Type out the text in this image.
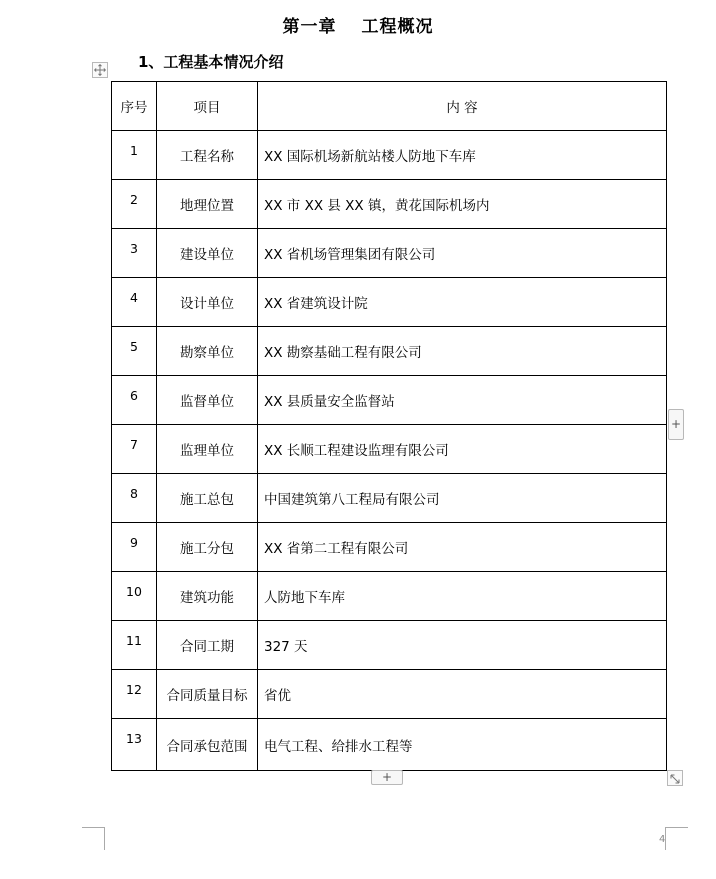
第一章　 工程概况
1、工程基本情况介绍
序号	项目	内 容
1	工程名称	XX 国际机场新航站楼人防地下车库
2	地理位置	XX 市 XX 县 XX 镇，黄花国际机场内
3	建设单位	XX 省机场管理集团有限公司
4	设计单位	XX 省建筑设计院
5	勘察单位	XX 勘察基础工程有限公司
6	监督单位	XX 县质量安全监督站
7	监理单位	XX 长顺工程建设监理有限公司
8	施工总包	中国建筑第八工程局有限公司
9	施工分包	XX 省第二工程有限公司
10	建筑功能	人防地下车库
11	合同工期	327 天
12	合同质量目标	省优
13	合同承包范围	电气工程、给排水工程等
+
+
4
